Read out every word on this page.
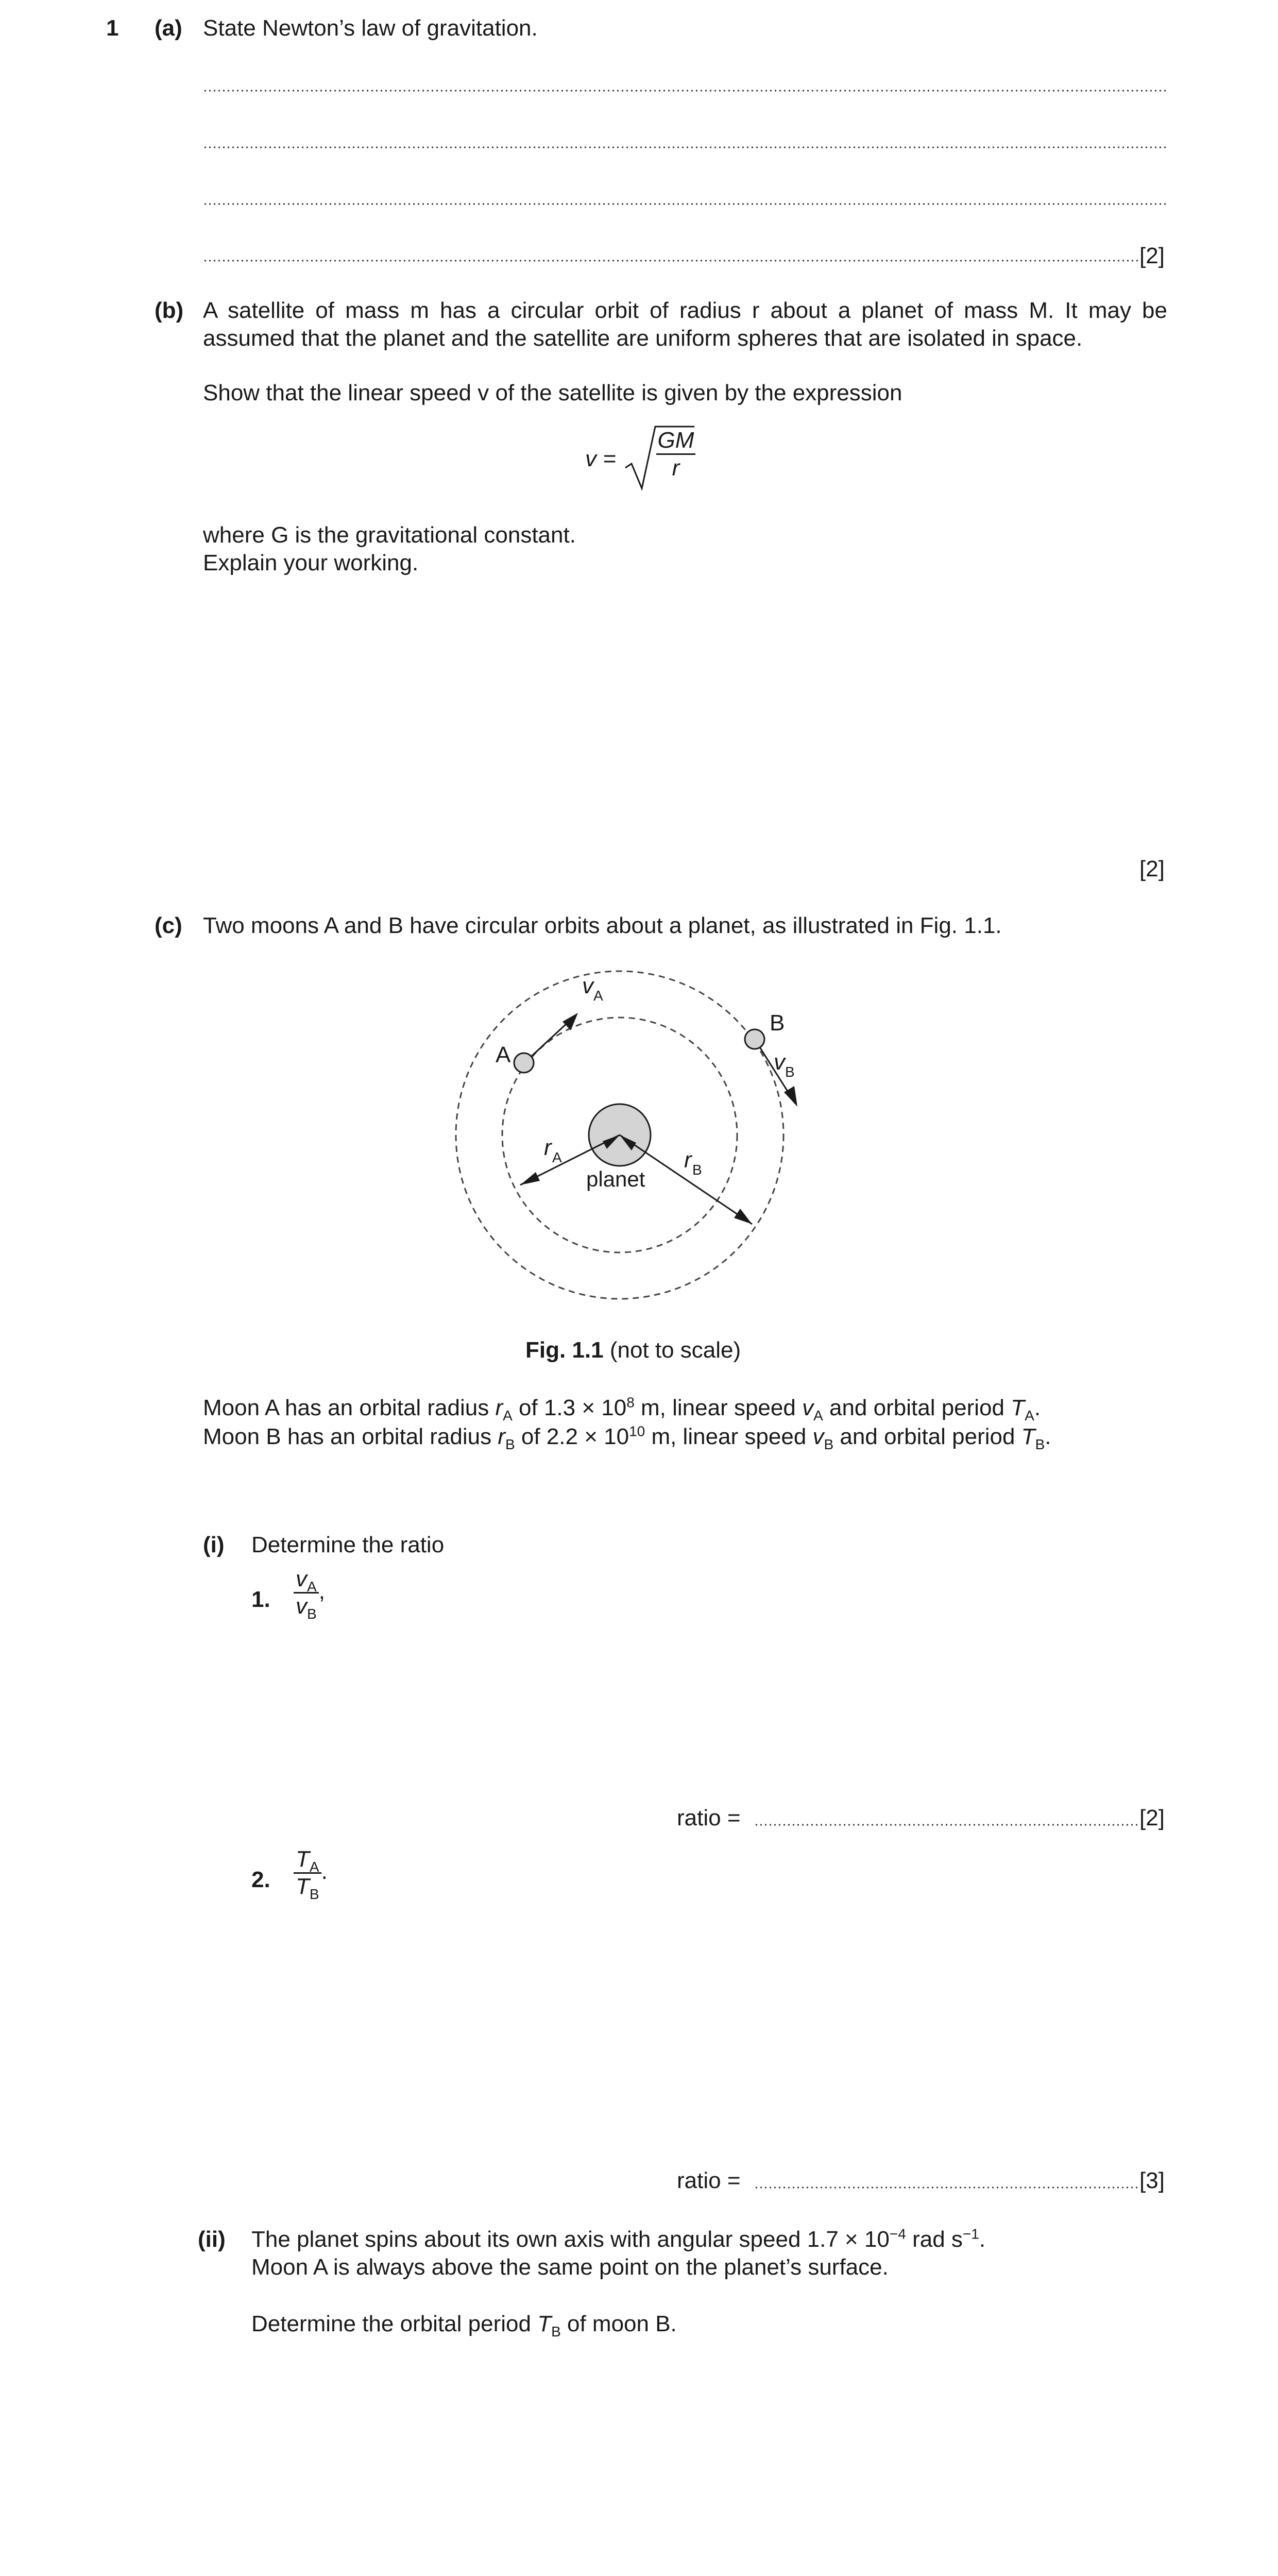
1 (a) State Newton’s law of gravitation.
[2]
(b) A satellite of mass m has a circular orbit of radius r about a planet of mass M. It may be
assumed that the planet and the satellite are uniform spheres that are isolated in space.
Show that the linear speed v of the satellite is given by the expression
$v = \frac{GM}{r}$
where G is the gravitational constant.
Explain your working.
[2]
(c) Two moons A and B have circular orbits about a planet, as illustrated in Fig. 1.1.
A
B
v A
v B
r A	r B
planet
Fig. 1.1 (not to scale)
Moon A has an orbital radius $r_A$ of $1.3 \times 10^8$ m, linear speed $v_A$ and orbital period $T_A$.
Moon B has an orbital radius $r_B$ of $2.2 \times 10^{10}$ m, linear speed $v_B$ and orbital period $T_B$.
(i) Determine the ratio
1. $\frac{v_A}{v_B}$ ,
ratio =	[2]
2. $\frac{T_A}{T_B}$ .
ratio =	[3]
(ii) The planet spins about its own axis with angular speed $1.7 \times 10^{-4}$ rad $s^{-1}$.
Moon A is always above the same point on the planet’s surface.
Determine the orbital period $T_B$ of moon B.
